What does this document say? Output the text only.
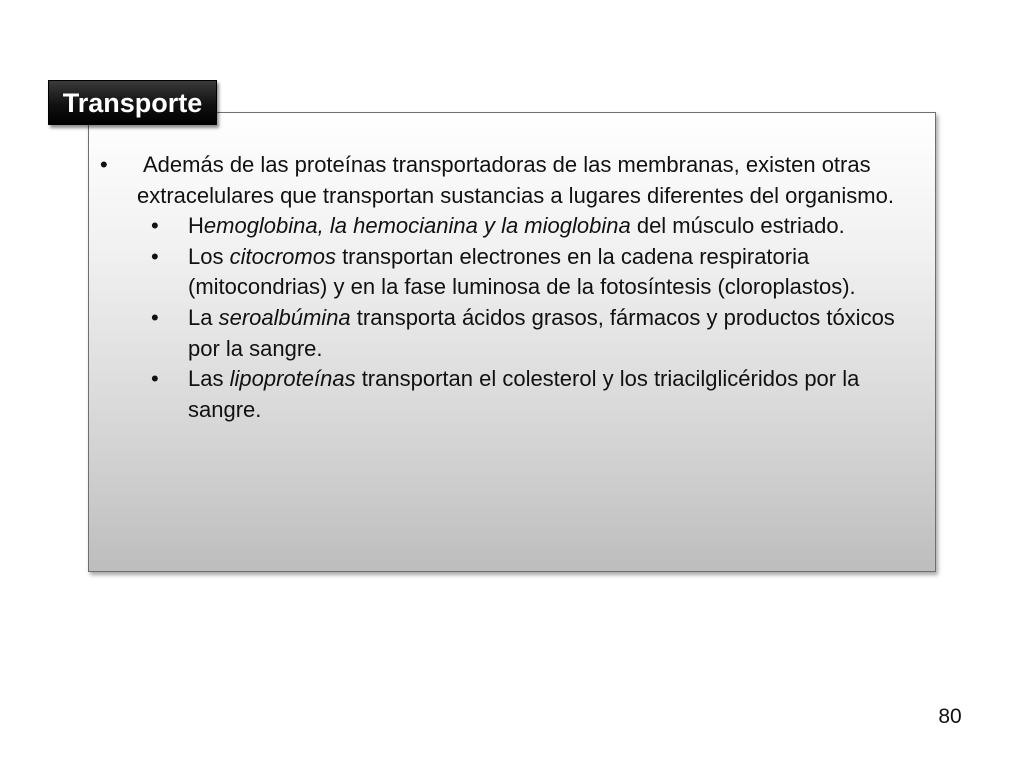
Transporte
• Además de las proteínas transportadoras de las membranas, existen otras extracelulares que transportan sustancias a lugares diferentes del organismo.
• Hemoglobina, la hemocianina y la mioglobina del músculo estriado.
• Los citocromos transportan electrones en la cadena respiratoria (mitocondrias) y en la fase luminosa de la fotosíntesis (cloroplastos).
• La seroalbúmina transporta ácidos grasos, fármacos y productos tóxicos por la sangre.
• Las lipoproteínas transportan el colesterol y los triacilglicéridos por la sangre.
80
